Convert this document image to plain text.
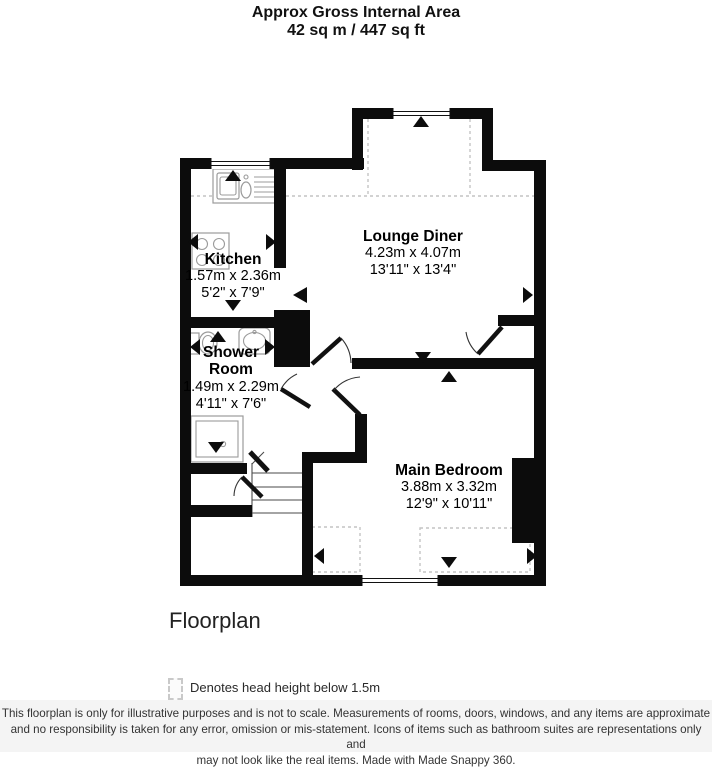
Approx Gross Internal Area
42 sq m / 447 sq ft
Kitchen
1.57m x 2.36m
5'2" x 7'9"
Lounge Diner
4.23m x 4.07m
13'11" x 13'4"
Shower Room
1.49m x 2.29m
4'11" x 7'6"
Main Bedroom
3.88m x 3.32m
12'9" x 10'11"
Floorplan
Denotes head height below 1.5m
This floorplan is only for illustrative purposes and is not to scale. Measurements of rooms, doors, windows, and any items are approximate
and no responsibility is taken for any error, omission or mis-statement. Icons of items such as bathroom suites are representations only and
may not look like the real items. Made with Made Snappy 360.
